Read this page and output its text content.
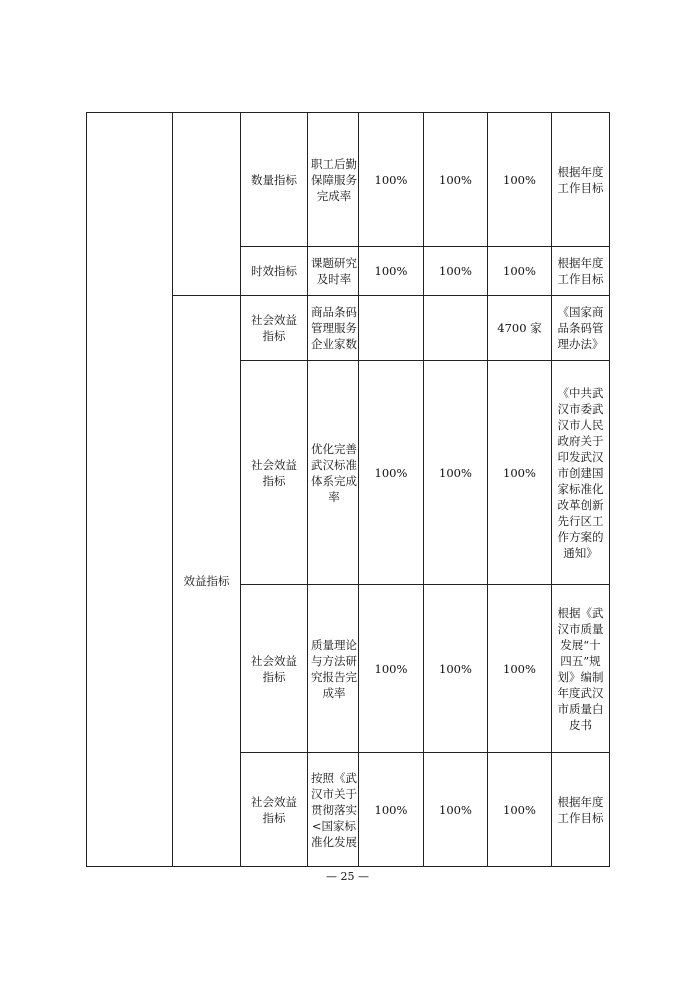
		数量指标	职工后勤保障服务完成率	100%	100%	100%	根据年度工作目标
		时效指标	课题研究及时率	100%	100%	100%	根据年度工作目标
	效益指标	社会效益指标	商品条码管理服务企业家数			4700 家	《国家商品条码管理办法》
		社会效益指标	优化完善武汉标准体系完成率	100%	100%	100%	《中共武汉市委武汉市人民政府关于印发武汉市创建国家标准化改革创新先行区工作方案的通知》
		社会效益指标	质量理论与方法研究报告完成率	100%	100%	100%	根据《武汉市质量发展“十四五”规划》编制年度武汉市质量白皮书
		社会效益指标	按照《武汉市关于贯彻落实<国家标准化发展	100%	100%	100%	根据年度工作目标
— 25 —
